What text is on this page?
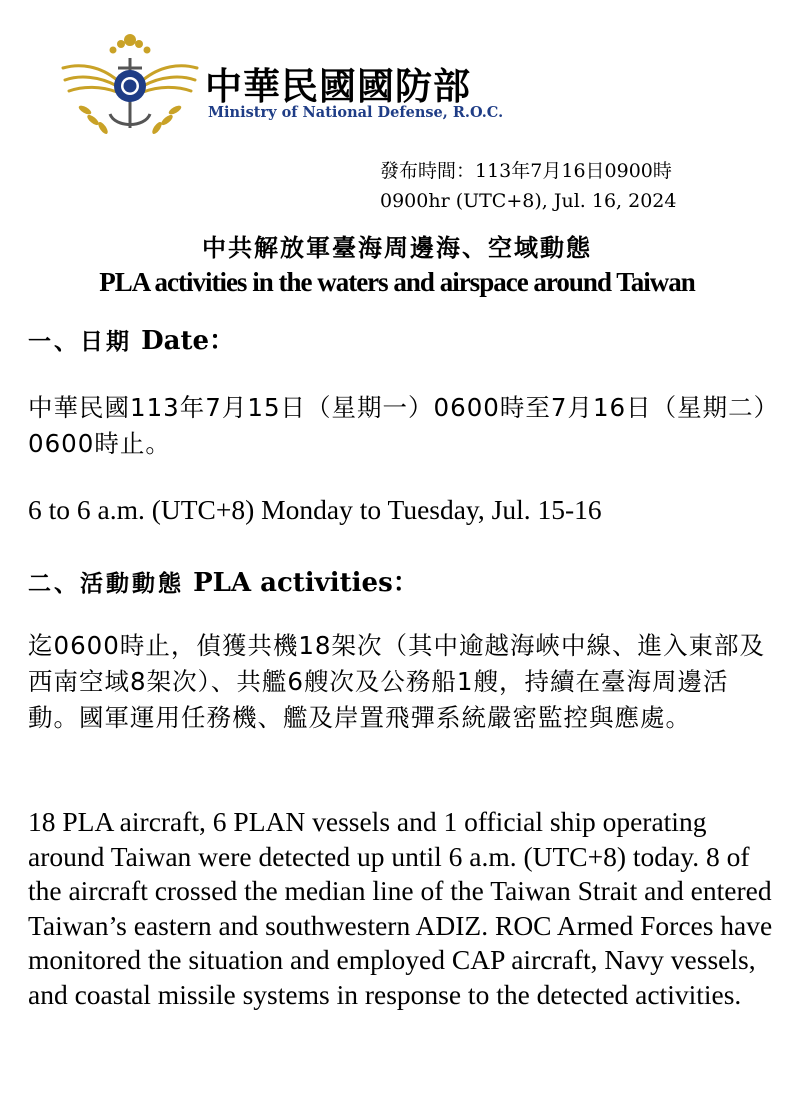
中華民國國防部
Ministry of National Defense, R.O.C.
發布時間：113年7月16日0900時
0900hr (UTC+8), Jul. 16, 2024
中共解放軍臺海周邊海、空域動態
PLA activities in the waters and airspace around Taiwan
一、日期 Date：
中華民國113年7月15日（星期一）0600時至7月16日（星期二）0600時止。
6 to 6 a.m. (UTC+8) Monday to Tuesday, Jul. 15-16
二、活動動態 PLA activities：
迄0600時止，偵獲共機18架次（其中逾越海峽中線、進入東部及西南空域8架次）、共艦6艘次及公務船1艘，持續在臺海周邊活動。國軍運用任務機、艦及岸置飛彈系統嚴密監控與應處。
18 PLA aircraft, 6 PLAN vessels and 1 official ship operating around Taiwan were detected up until 6 a.m. (UTC+8) today. 8 of the aircraft crossed the median line of the Taiwan Strait and entered Taiwan’s eastern and southwestern ADIZ. ROC Armed Forces have monitored the situation and employed CAP aircraft, Navy vessels, and coastal missile systems in response to the detected activities.
